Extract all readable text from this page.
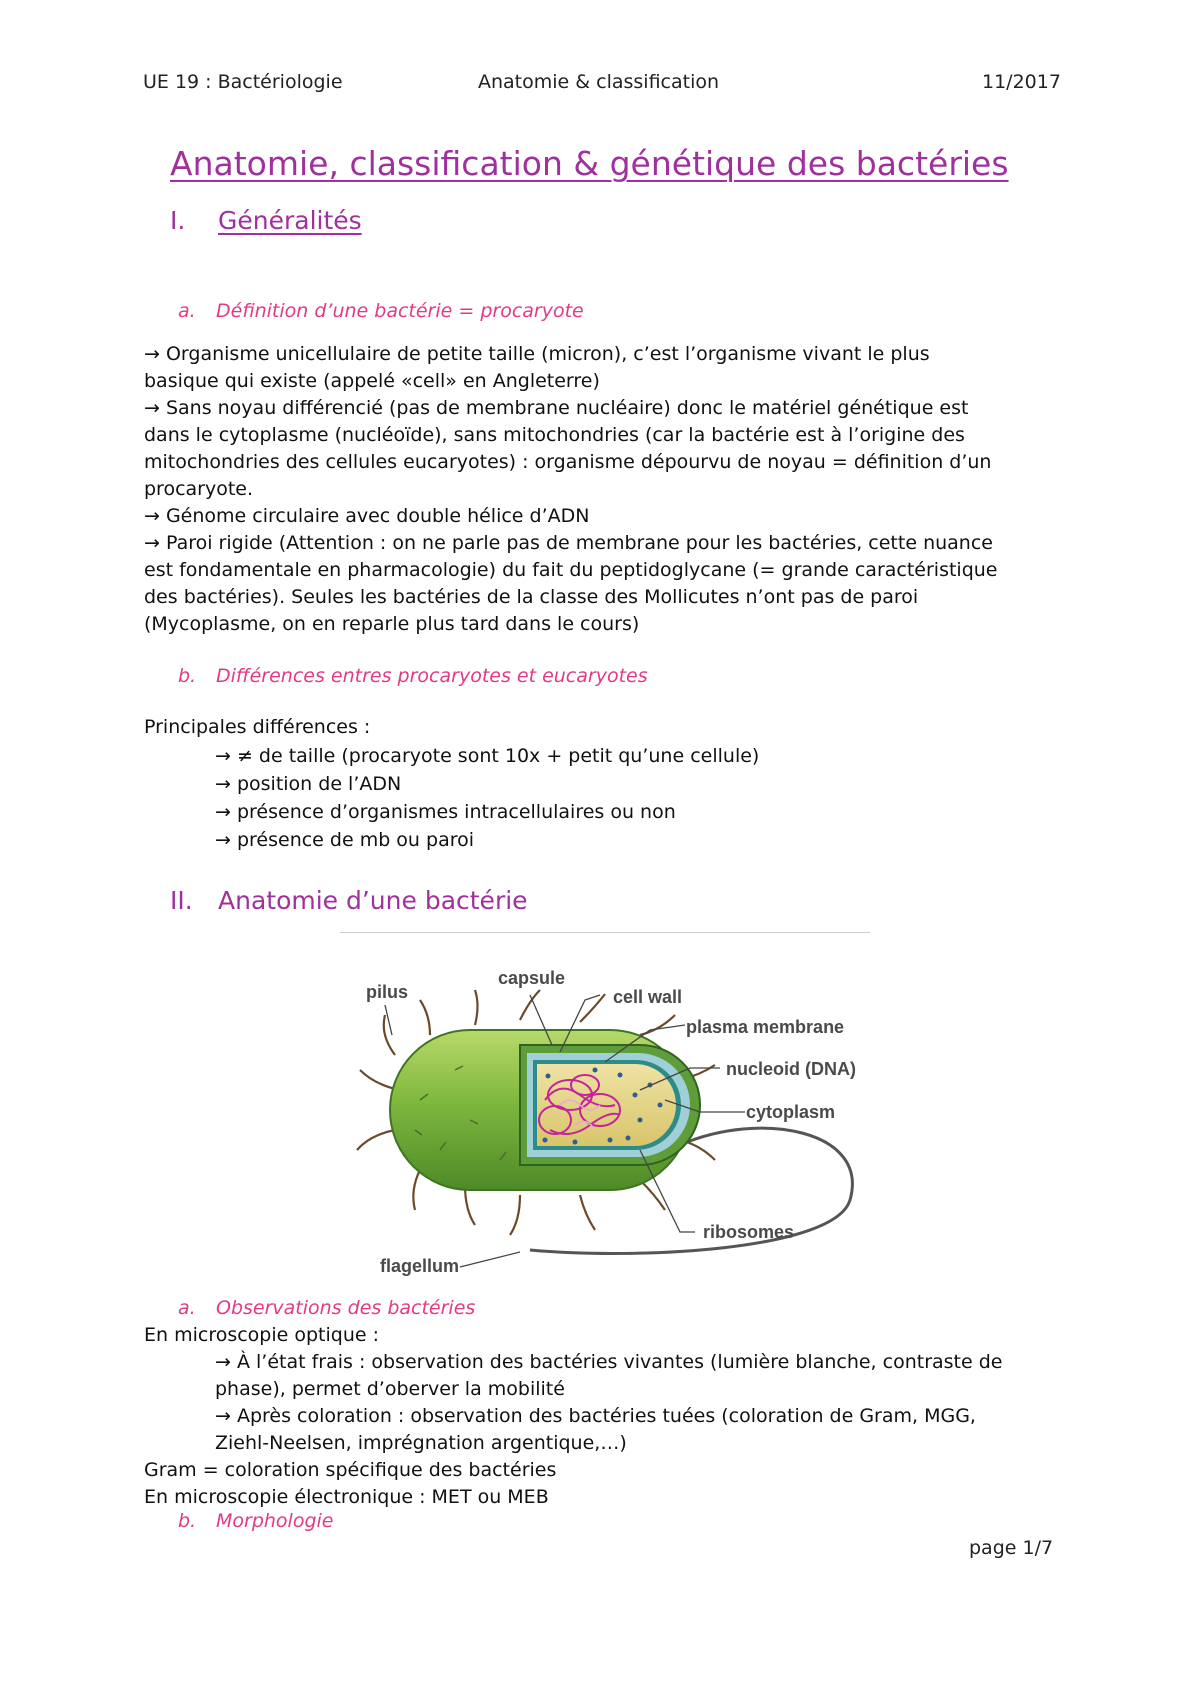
UE 19 : Bactériologie	Anatomie & classification	11/2017
Anatomie, classification & génétique des bactéries
I. Généralités
a. Définition d’une bactérie = procaryote
→ Organisme unicellulaire de petite taille (micron), c’est l’organisme vivant le plus
basique qui existe (appelé «cell» en Angleterre)
→ Sans noyau différencié (pas de membrane nucléaire) donc le matériel génétique est
dans le cytoplasme (nucléoïde), sans mitochondries (car la bactérie est à l’origine des
mitochondries des cellules eucaryotes) : organisme dépourvu de noyau = définition d’un
procaryote.
→ Génome circulaire avec double hélice d’ADN
→ Paroi rigide (Attention : on ne parle pas de membrane pour les bactéries, cette nuance
est fondamentale en pharmacologie) du fait du peptidoglycane (= grande caractéristique
des bactéries). Seules les bactéries de la classe des Mollicutes n’ont pas de paroi
(Mycoplasme, on en reparle plus tard dans le cours)
b. Différences entres procaryotes et eucaryotes
Principales différences :
→ ≠ de taille (procaryote sont 10x + petit qu’une cellule)
→ position de l’ADN
→ présence d’organismes intracellulaires ou non
→ présence de mb ou paroi
II. Anatomie d’une bactérie
pilus
capsule
cell wall
plasma membrane
nucleoid (DNA)
cytoplasm
ribosomes
flagellum
a. Observations des bactéries
En microscopie optique :
→ À l’état frais : observation des bactéries vivantes (lumière blanche, contraste de
phase), permet d’oberver la mobilité
→ Après coloration : observation des bactéries tuées (coloration de Gram, MGG,
Ziehl-Neelsen, imprégnation argentique,…)
Gram = coloration spécifique des bactéries
En microscopie électronique : MET ou MEB
b. Morphologie
page 1/7
